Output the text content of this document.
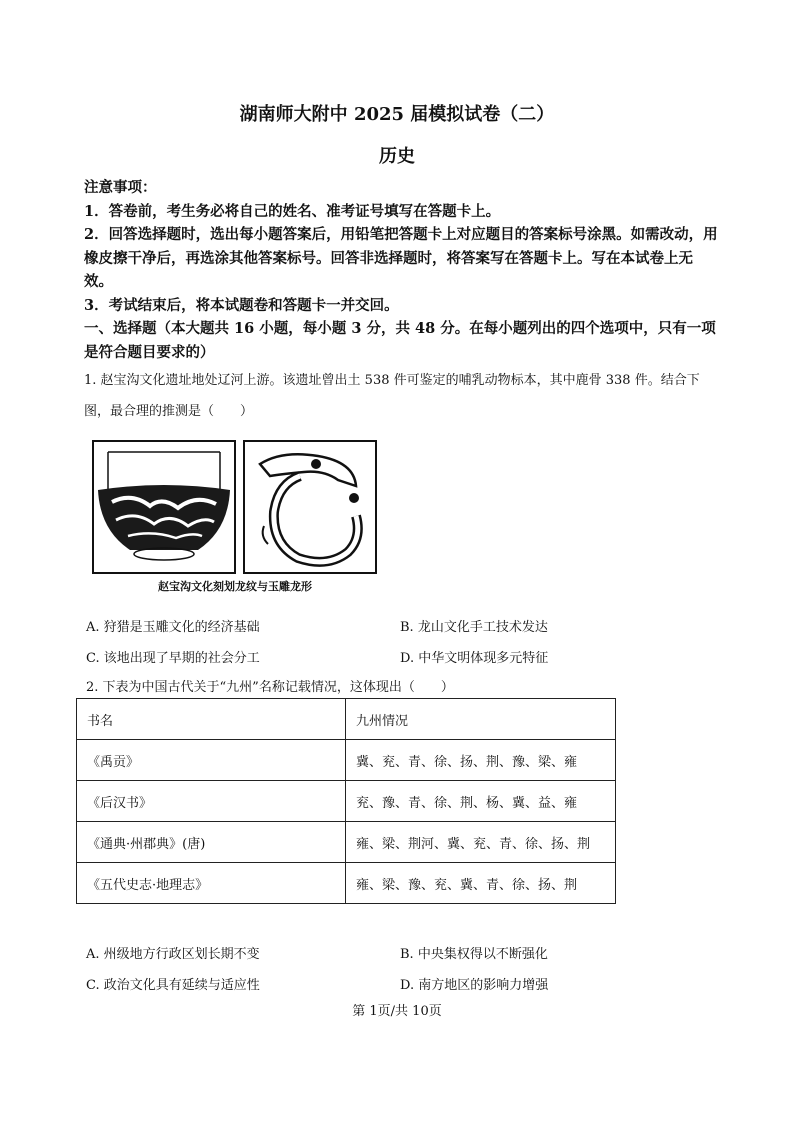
湖南师大附中 2025 届模拟试卷（二）
历史

注意事项：

1．答卷前，考生务必将自己的姓名、准考证号填写在答题卡上。

2．回答选择题时，选出每小题答案后，用铅笔把答题卡上对应题目的答案标号涂黑。如需改动，用橡皮擦干净后，再选涂其他答案标号。回答非选择题时，将答案写在答题卡上。写在本试卷上无效。

3．考试结束后，将本试题卷和答题卡一并交回。

一、选择题（本大题共 16 小题，每小题 3 分，共 48 分。在每小题列出的四个选项中，只有一项是符合题目要求的）

1. 赵宝沟文化遗址地处辽河上游。该遗址曾出土 538 件可鉴定的哺乳动物标本，其中鹿骨 338 件。结合下图，最合理的推测是（　　）

赵宝沟文化刻划龙纹与玉雕龙形
A. 狩猎是玉雕文化的经济基础	B. 龙山文化手工技术发达
C. 该地出现了早期的社会分工	D. 中华文明体现多元特征
2. 下表为中国古代关于“九州”名称记载情况，这体现出（　　）
书名	九州情况
《禹贡》	冀、兖、青、徐、扬、荆、豫、梁、雍
《后汉书》	兖、豫、青、徐、荆、杨、冀、益、雍
《通典·州郡典》(唐)	雍、梁、荆河、冀、兖、青、徐、扬、荆
《五代史志·地理志》	雍、梁、豫、兖、冀、青、徐、扬、荆
A. 州级地方行政区划长期不变	B. 中央集权得以不断强化
C. 政治文化具有延续与适应性	D. 南方地区的影响力增强
第 1页/共 10页
